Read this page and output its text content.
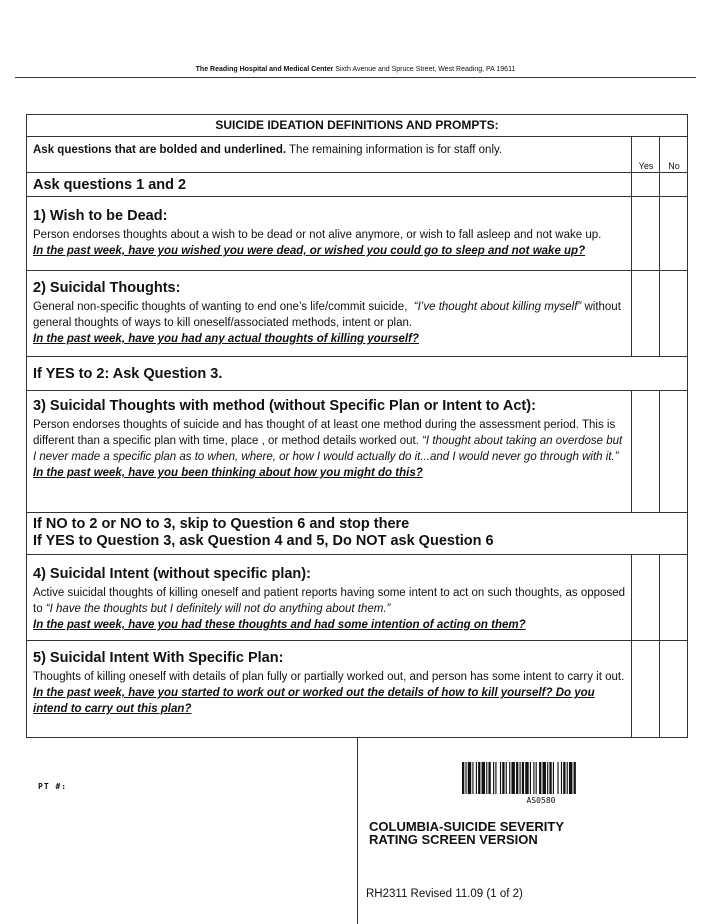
The Reading Hospital and Medical Center Sixth Avenue and Spruce Street, West Reading, PA 19611
SUICIDE IDEATION DEFINITIONS AND PROMPTS:
Ask questions that are bolded and underlined. The remaining information is for staff only.
Yes	No
Ask questions 1 and 2
1) Wish to be Dead:
Person endorses thoughts about a wish to be dead or not alive anymore, or wish to fall asleep and not wake up.
In the past week, have you wished you were dead, or wished you could go to sleep and not wake up?
2) Suicidal Thoughts:
General non-specific thoughts of wanting to end one’s life/commit suicide, “I’ve thought about killing myself” without general thoughts of ways to kill oneself/associated methods, intent or plan.
In the past week, have you had any actual thoughts of killing yourself?
If YES to 2: Ask Question 3.
3) Suicidal Thoughts with method (without Specific Plan or Intent to Act):
Person endorses thoughts of suicide and has thought of at least one method during the assessment period. This is different than a specific plan with time, place , or method details worked out. “I thought about taking an overdose but I never made a specific plan as to when, where, or how I would actually do it...and I would never go through with it.”
In the past week, have you been thinking about how you might do this?
If NO to 2 or NO to 3, skip to Question 6 and stop there
If YES to Question 3, ask Question 4 and 5, Do NOT ask Question 6
4) Suicidal Intent (without specific plan):
Active suicidal thoughts of killing oneself and patient reports having some intent to act on such thoughts, as opposed to “I have the thoughts but I definitely will not do anything about them.”
In the past week, have you had these thoughts and had some intention of acting on them?
5) Suicidal Intent With Specific Plan:
Thoughts of killing oneself with details of plan fully or partially worked out, and person has some intent to carry it out.
In the past week, have you started to work out or worked out the details of how to kill yourself? Do you intend to carry out this plan?
PT #:
AS0580
COLUMBIA-SUICIDE SEVERITY
RATING SCREEN VERSION
RH2311 Revised 11.09 (1 of 2)
